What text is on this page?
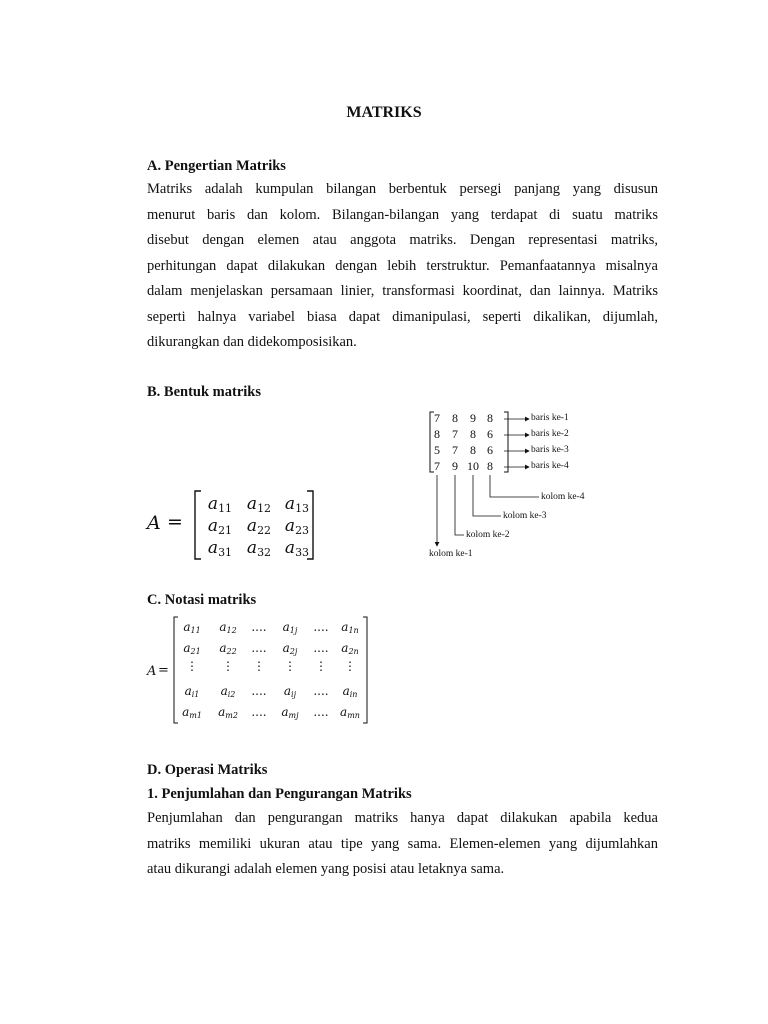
MATRIKS
A. Pengertian Matriks
Matriks adalah kumpulan bilangan berbentuk persegi panjang yang disusun
menurut baris dan kolom. Bilangan-bilangan yang terdapat di suatu matriks
disebut dengan elemen atau anggota matriks. Dengan representasi matriks,
perhitungan dapat dilakukan dengan lebih terstruktur. Pemanfaatannya misalnya
dalam menjelaskan persamaan linier, transformasi koordinat, dan lainnya. Matriks
seperti halnya variabel biasa dapat dimanipulasi, seperti dikalikan, dijumlah,
dikurangkan dan didekomposisikan.
B. Bentuk matriks
A =
$a_{11}$ $a_{12}$ $a_{13}$
$a_{21}$ $a_{22}$ $a_{23}$
$a_{31}$ $a_{32}$ $a_{33}$
7	8	9 8
8	7	8 6
5	7	8 6
7	9 10 8
baris ke-1
baris ke-2
baris ke-3
baris ke-4
kolom ke-4
kolom ke-3
kolom ke-2
kolom ke-1
C. Notasi matriks
A =
$a_{11}$	$a_{12}$	....	$a_{1j}$	....	$a_{1n}$
$a_{21}$	$a_{22}$	....	$a_{2j}$	....	$a_{2n}$
⋮	⋮	⋮	⋮	⋮	⋮
$a_{i1}$	$a_{i2}$	....	$a_{ij}$	....	$a_{in}$
$a_{m1}$	$a_{m2}$	....	$a_{mj}$	.... $a_{mn}$
D. Operasi Matriks
1. Penjumlahan dan Pengurangan Matriks
Penjumlahan dan pengurangan matriks hanya dapat dilakukan apabila kedua
matriks memiliki ukuran atau tipe yang sama. Elemen-elemen yang dijumlahkan
atau dikurangi adalah elemen yang posisi atau letaknya sama.
